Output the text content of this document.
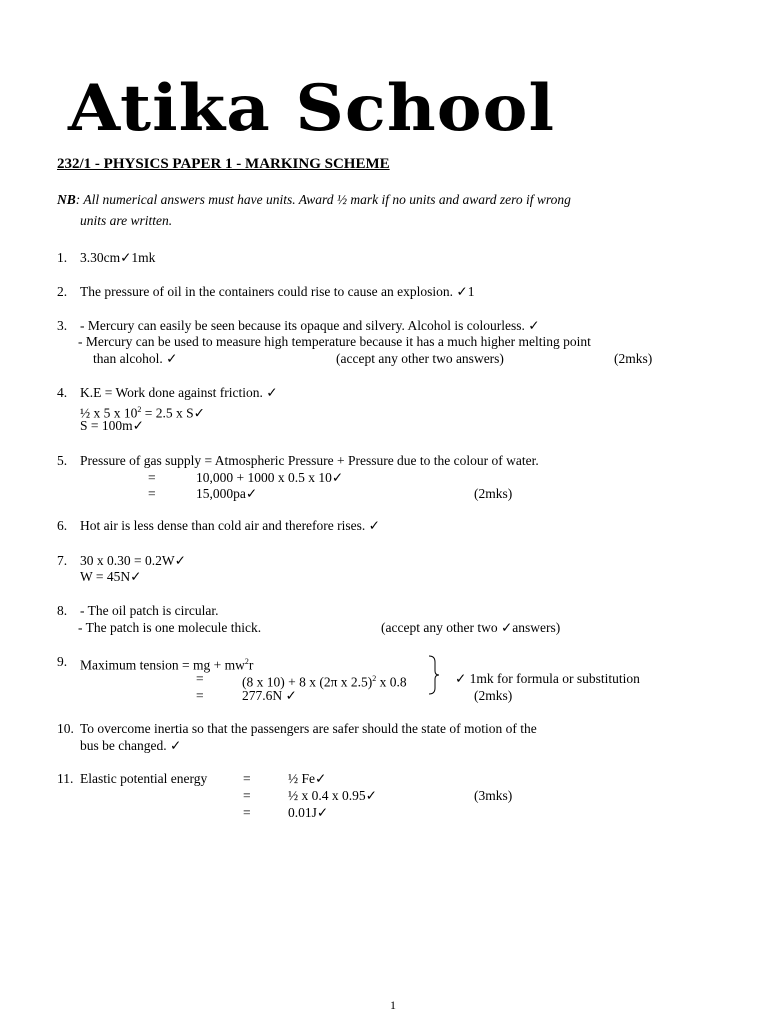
Atika School
232/1 - PHYSICS PAPER 1 - MARKING SCHEME
NB: All numerical answers must have units. Award ½ mark if no units and award zero if wrong
units are written.
1. 3.30cm✓1mk
2. The pressure of oil in the containers could rise to cause an explosion. ✓1
3. - Mercury can easily be seen because its opaque and silvery. Alcohol is colourless. ✓
- Mercury can be used to measure high temperature because it has a much higher melting point
than alcohol. ✓	(accept any other two answers)	(2mks)
4. K.E = Work done against friction. ✓
½ x 5 x $10^2 = 2.5$ x S✓
S = 100m✓
5. Pressure of gas supply = Atmospheric Pressure + Pressure due to the colour of water.
=	10,000 + 1000 x 0.5 x 10✓
=	15,000pa✓	(2mks)
6. Hot air is less dense than cold air and therefore rises. ✓
7. 30 x 0.30 = 0.2W✓
W = 45N✓
8. - The oil patch is circular.
- The patch is one molecule thick.	(accept any other two ✓answers)
9. Maximum tension = mg + $mw^2r$
=	(8 x 10) + 8 x (2π x 2.5)$^2$ x 0.8	✓ 1mk for formula or substitution
=	277.6N ✓	(2mks)
10. To overcome inertia so that the passengers are safer should the state of motion of the
bus be changed. ✓
11. Elastic potential energy	=	½ Fe✓
=	½ x 0.4 x 0.95✓	(3mks)
=	0.01J✓
1
